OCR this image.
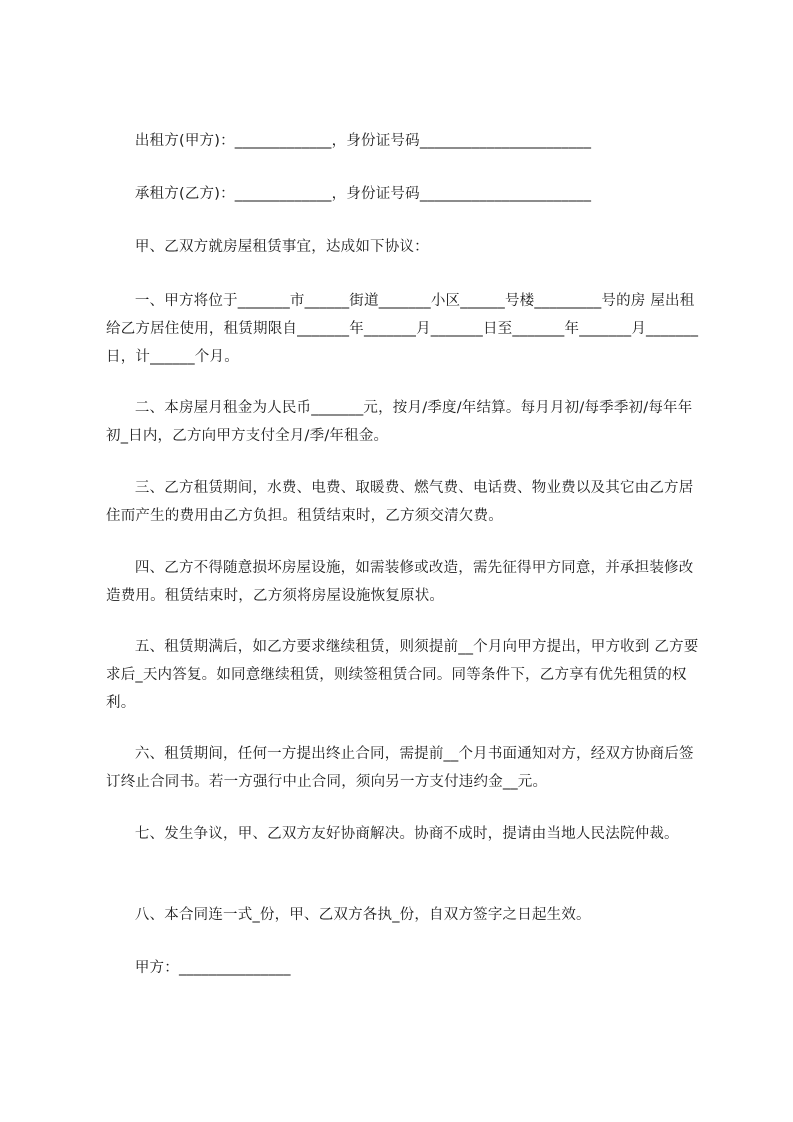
出租方(甲方)：_____________，身份证号码_______________________

承租方(乙方)：_____________，身份证号码_______________________

甲、乙双方就房屋租赁事宜，达成如下协议：

一、甲方将位于_______市______街道_______小区______号楼_________号的房 屋出租给乙方居住使用，租赁期限自_______年_______月_______日至_______年_______月_______日，计______个月。

二、本房屋月租金为人民币_______元，按月/季度/年结算。每月月初/每季季初/每年年初_日内，乙方向甲方支付全月/季/年租金。

三、乙方租赁期间，水费、电费、取暖费、燃气费、电话费、物业费以及其它由乙方居住而产生的费用由乙方负担。租赁结束时，乙方须交清欠费。

四、乙方不得随意损坏房屋设施，如需装修或改造，需先征得甲方同意，并承担装修改造费用。租赁结束时，乙方须将房屋设施恢复原状。

五、租赁期满后，如乙方要求继续租赁，则须提前__个月向甲方提出，甲方收到 乙方要求后_天内答复。如同意继续租赁，则续签租赁合同。同等条件下，乙方享有优先租赁的权利。

六、租赁期间，任何一方提出终止合同，需提前__个月书面通知对方，经双方协商后签订终止合同书。若一方强行中止合同，须向另一方支付违约金__元。

七、发生争议，甲、乙双方友好协商解决。协商不成时，提请由当地人民法院仲裁。

八、本合同连一式_份，甲、乙双方各执_份，自双方签字之日起生效。

甲方：_______________
